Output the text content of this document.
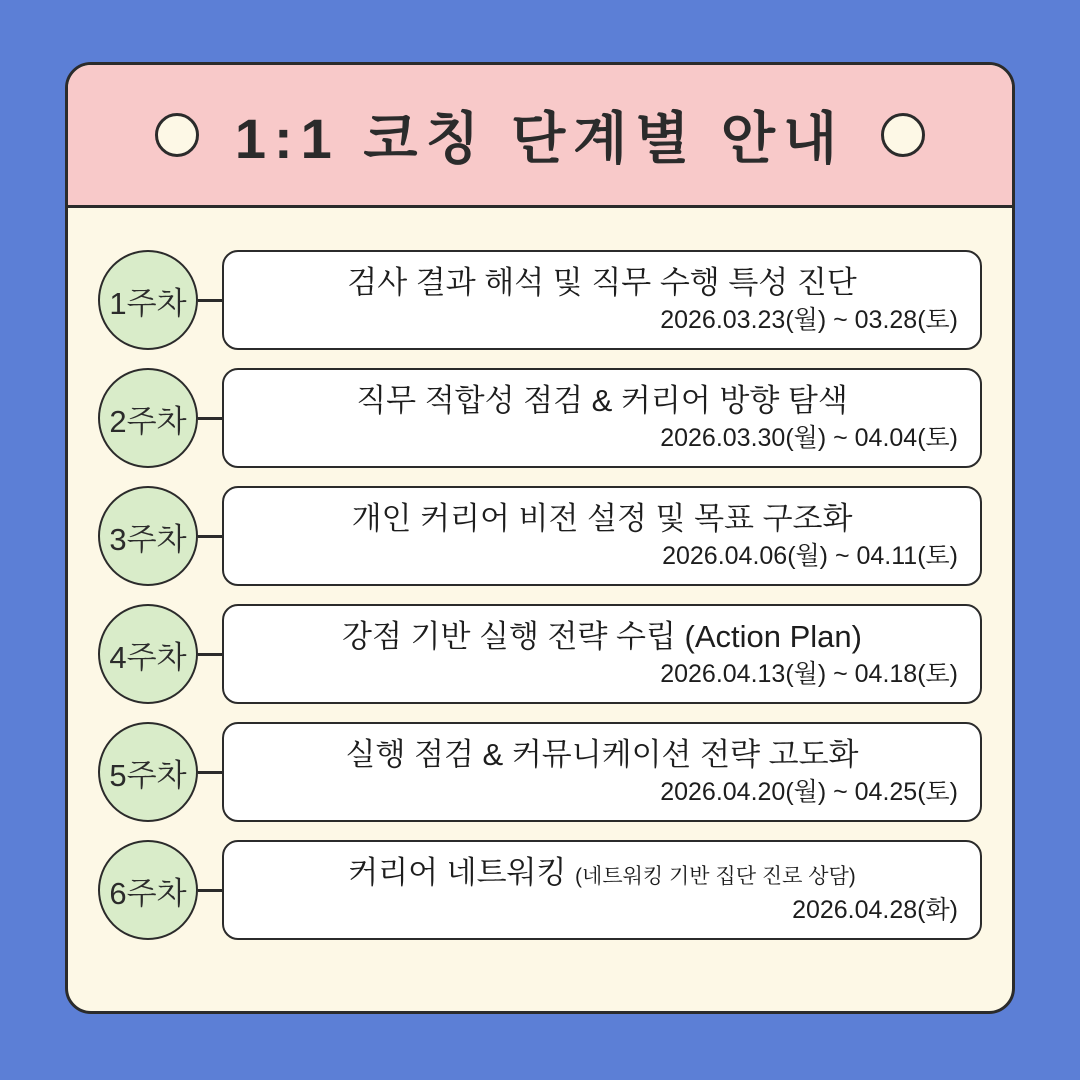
1:1 코칭 단계별 안내
1주차
검사 결과 해석 및 직무 수행 특성 진단
2026.03.23(월) ~ 03.28(토)
2주차
직무 적합성 점검 & 커리어 방향 탐색
2026.03.30(월) ~ 04.04(토)
3주차
개인 커리어 비전 설정 및 목표 구조화
2026.04.06(월) ~ 04.11(토)
4주차
강점 기반 실행 전략 수립 (Action Plan)
2026.04.13(월) ~ 04.18(토)
5주차
실행 점검 & 커뮤니케이션 전략 고도화
2026.04.20(월) ~ 04.25(토)
6주차
커리어 네트워킹 (네트워킹 기반 집단 진로 상담)
2026.04.28(화)
